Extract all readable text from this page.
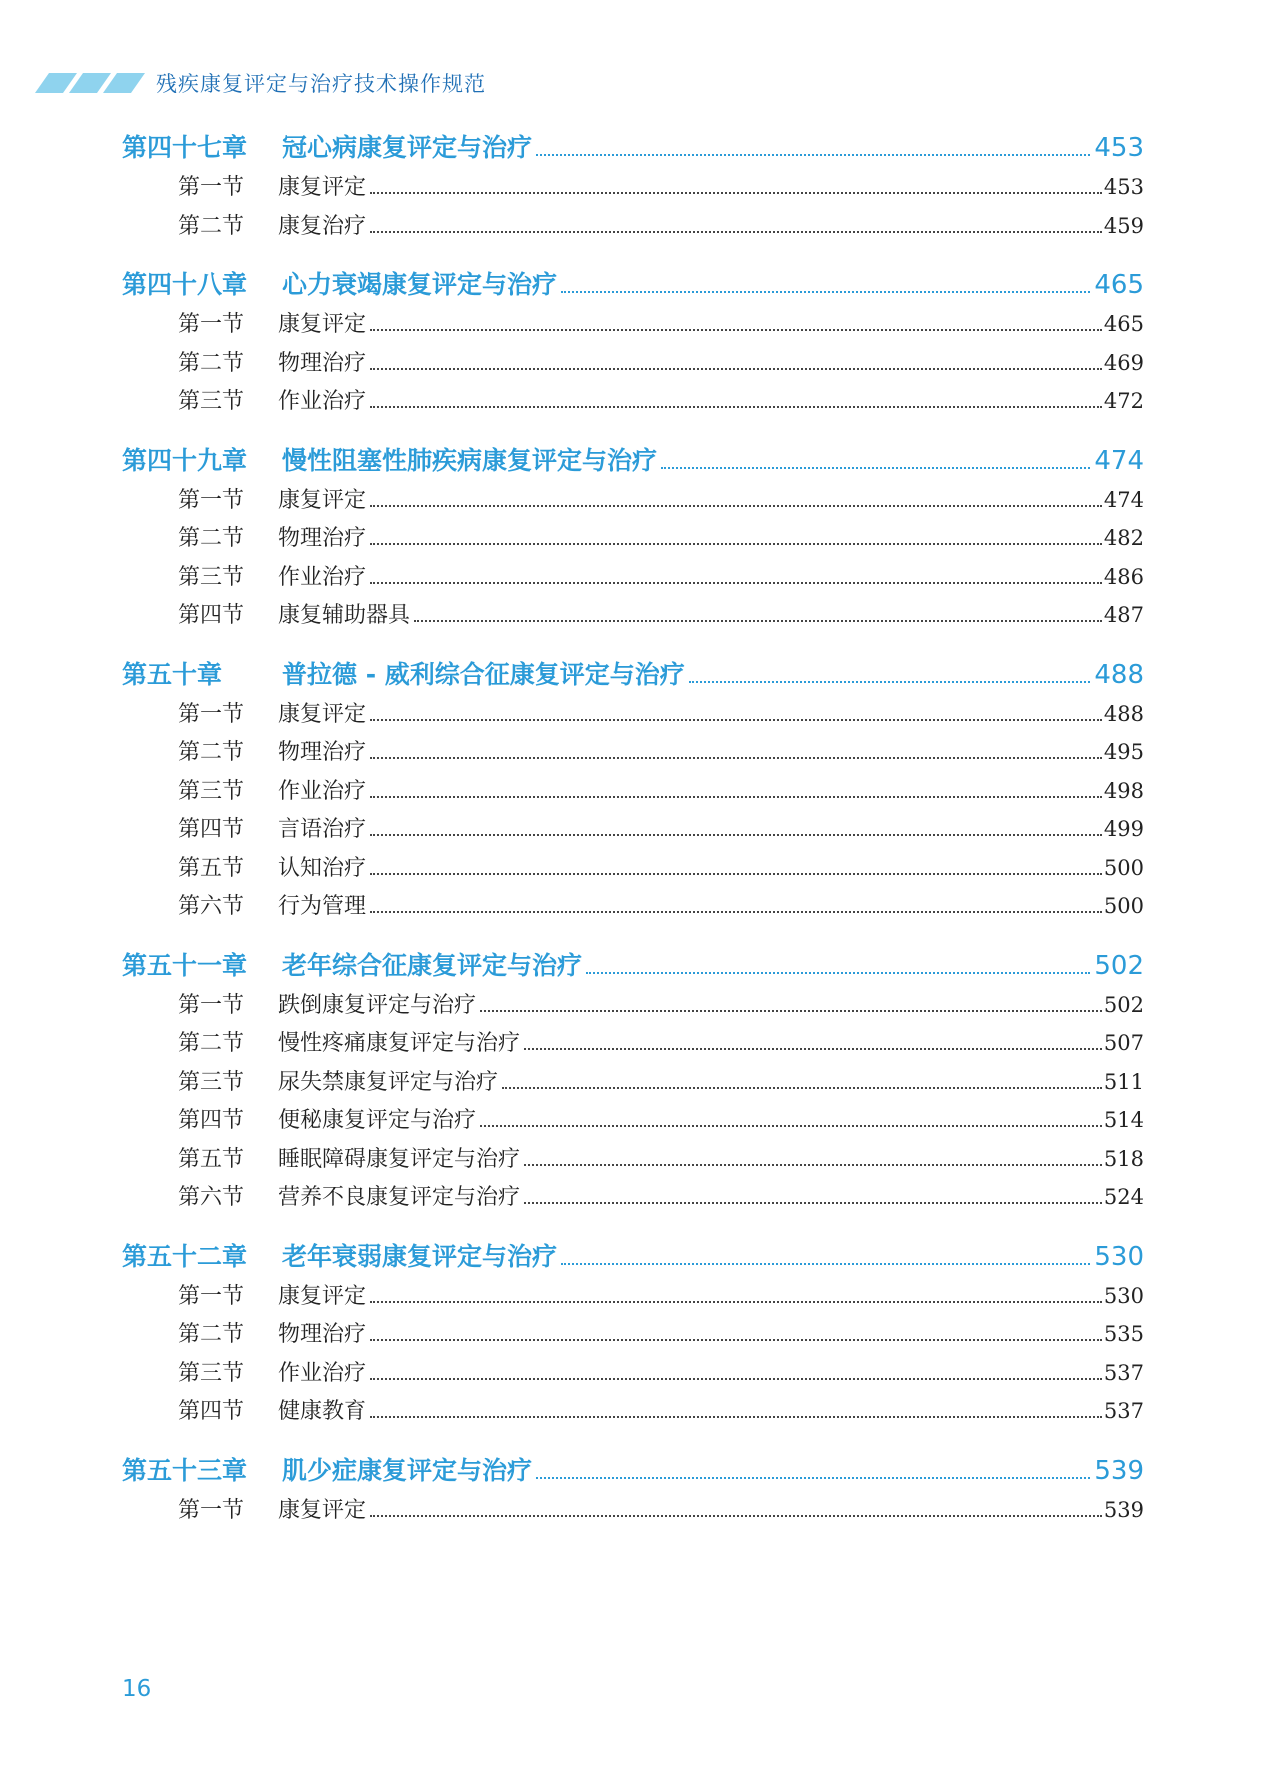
残疾康复评定与治疗技术操作规范
第四十七章	冠心病康复评定与治疗	453
第一节	康复评定	453
第二节	康复治疗	459
第四十八章	心力衰竭康复评定与治疗	465
第一节	康复评定	465
第二节	物理治疗	469
第三节	作业治疗	472
第四十九章	慢性阻塞性肺疾病康复评定与治疗	474
第一节	康复评定	474
第二节	物理治疗	482
第三节	作业治疗	486
第四节	康复辅助器具	487
第五十章	普拉德 - 威利综合征康复评定与治疗	488
第一节	康复评定	488
第二节	物理治疗	495
第三节	作业治疗	498
第四节	言语治疗	499
第五节	认知治疗	500
第六节	行为管理	500
第五十一章	老年综合征康复评定与治疗	502
第一节	跌倒康复评定与治疗	502
第二节	慢性疼痛康复评定与治疗	507
第三节	尿失禁康复评定与治疗	511
第四节	便秘康复评定与治疗	514
第五节	睡眠障碍康复评定与治疗	518
第六节	营养不良康复评定与治疗	524
第五十二章	老年衰弱康复评定与治疗	530
第一节	康复评定	530
第二节	物理治疗	535
第三节	作业治疗	537
第四节	健康教育	537
第五十三章	肌少症康复评定与治疗	539
第一节	康复评定	539
16
